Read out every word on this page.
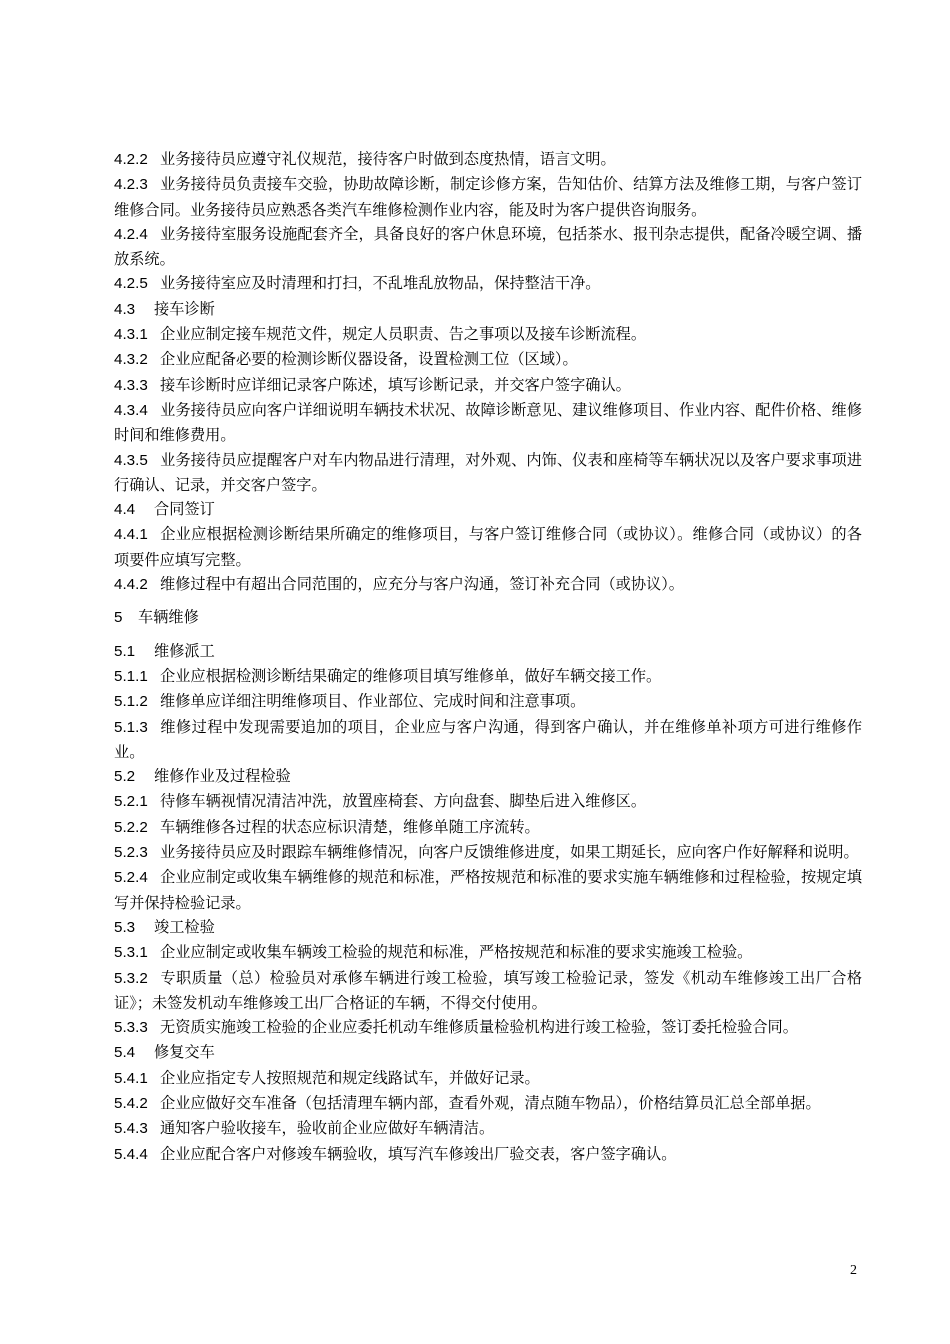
4.2.2 业务接待员应遵守礼仪规范，接待客户时做到态度热情，语言文明。
4.2.3 业务接待员负责接车交验，协助故障诊断，制定诊修方案，告知估价、结算方法及维修工期，与客户签订维修合同。业务接待员应熟悉各类汽车维修检测作业内容，能及时为客户提供咨询服务。
4.2.4 业务接待室服务设施配套齐全，具备良好的客户休息环境，包括茶水、报刊杂志提供，配备冷暖空调、播放系统。
4.2.5 业务接待室应及时清理和打扫，不乱堆乱放物品，保持整洁干净。
4.3 接车诊断
4.3.1 企业应制定接车规范文件，规定人员职责、告之事项以及接车诊断流程。
4.3.2 企业应配备必要的检测诊断仪器设备，设置检测工位（区域）。
4.3.3 接车诊断时应详细记录客户陈述，填写诊断记录，并交客户签字确认。
4.3.4 业务接待员应向客户详细说明车辆技术状况、故障诊断意见、建议维修项目、作业内容、配件价格、维修时间和维修费用。
4.3.5 业务接待员应提醒客户对车内物品进行清理，对外观、内饰、仪表和座椅等车辆状况以及客户要求事项进行确认、记录，并交客户签字。
4.4 合同签订
4.4.1 企业应根据检测诊断结果所确定的维修项目，与客户签订维修合同（或协议）。维修合同（或协议）的各项要件应填写完整。
4.4.2 维修过程中有超出合同范围的，应充分与客户沟通，签订补充合同（或协议）。
5 车辆维修
5.1 维修派工
5.1.1 企业应根据检测诊断结果确定的维修项目填写维修单，做好车辆交接工作。
5.1.2 维修单应详细注明维修项目、作业部位、完成时间和注意事项。
5.1.3 维修过程中发现需要追加的项目，企业应与客户沟通，得到客户确认，并在维修单补项方可进行维修作业。
5.2 维修作业及过程检验
5.2.1 待修车辆视情况清洁冲洗，放置座椅套、方向盘套、脚垫后进入维修区。
5.2.2 车辆维修各过程的状态应标识清楚，维修单随工序流转。
5.2.3 业务接待员应及时跟踪车辆维修情况，向客户反馈维修进度，如果工期延长，应向客户作好解释和说明。
5.2.4 企业应制定或收集车辆维修的规范和标准，严格按规范和标准的要求实施车辆维修和过程检验，按规定填写并保持检验记录。
5.3 竣工检验
5.3.1 企业应制定或收集车辆竣工检验的规范和标准，严格按规范和标准的要求实施竣工检验。
5.3.2 专职质量（总）检验员对承修车辆进行竣工检验，填写竣工检验记录，签发《机动车维修竣工出厂合格证》；未签发机动车维修竣工出厂合格证的车辆，不得交付使用。
5.3.3 无资质实施竣工检验的企业应委托机动车维修质量检验机构进行竣工检验，签订委托检验合同。
5.4 修复交车
5.4.1 企业应指定专人按照规范和规定线路试车，并做好记录。
5.4.2 企业应做好交车准备（包括清理车辆内部，查看外观，清点随车物品），价格结算员汇总全部单据。
5.4.3 通知客户验收接车，验收前企业应做好车辆清洁。
5.4.4 企业应配合客户对修竣车辆验收，填写汽车修竣出厂验交表，客户签字确认。
2
